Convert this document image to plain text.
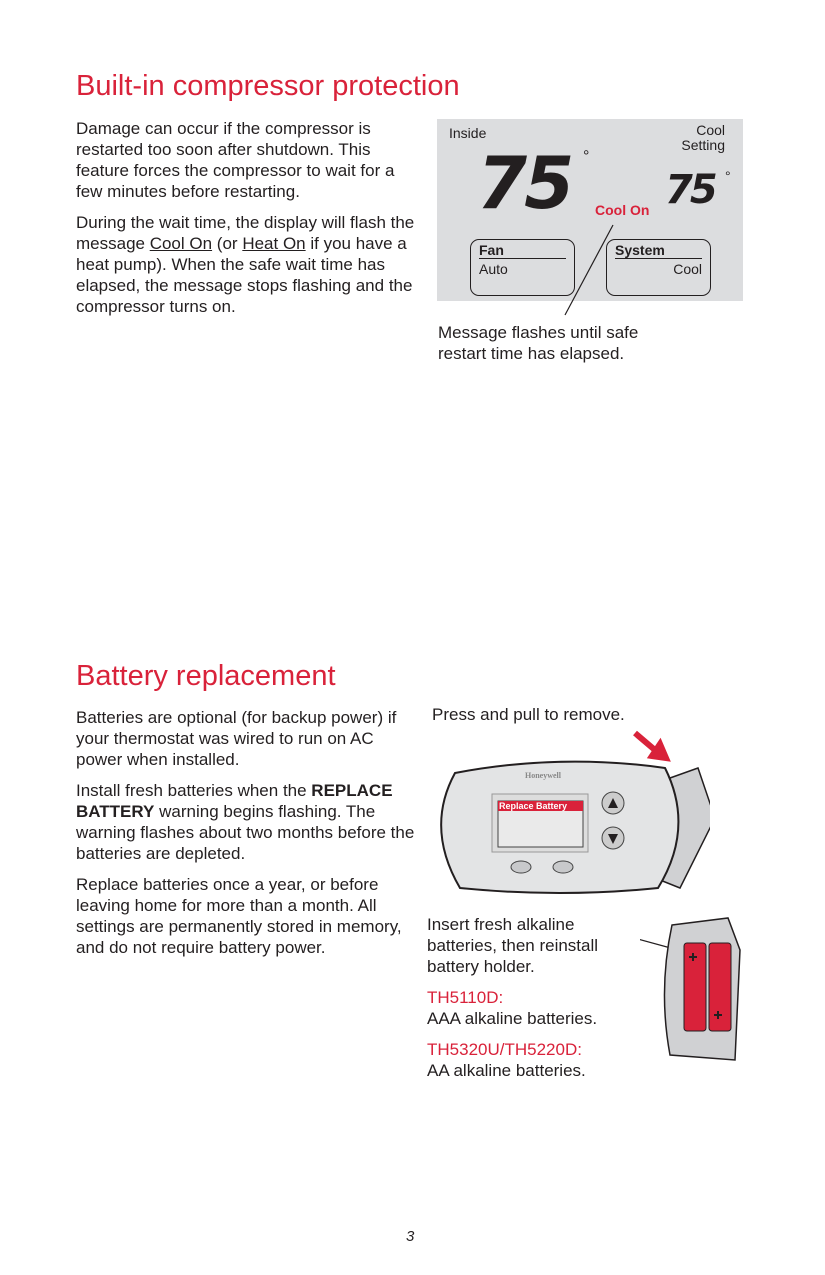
Built-in compressor protection

Damage can occur if the compressor is restarted too soon after shutdown. This feature forces the compressor to wait for a few minutes before restarting.

During the wait time, the display will flash the message Cool On (or Heat On if you have a heat pump). When the safe wait time has elapsed, the message stops flashing and the compressor turns on.

Inside	Cool
Setting
75 °
75 °
Cool On
Fan
Auto
System
Cool
Message flashes until safe restart time has elapsed.
Battery replacement

Batteries are optional (for backup power) if your thermostat was wired to run on AC power when installed.

Install fresh batteries when the REPLACE BATTERY warning begins flashing. The warning flashes about two months before the batteries are depleted.

Replace batteries once a year, or before leaving home for more than a month. All settings are permanently stored in memory, and do not require battery power.

Press and pull to remove.
Replace Battery
Honeywell

Insert fresh alkaline batteries, then reinstall battery holder.

TH5110D:

AAA alkaline batteries.

TH5320U/TH5220D:

AA alkaline batteries.

3
